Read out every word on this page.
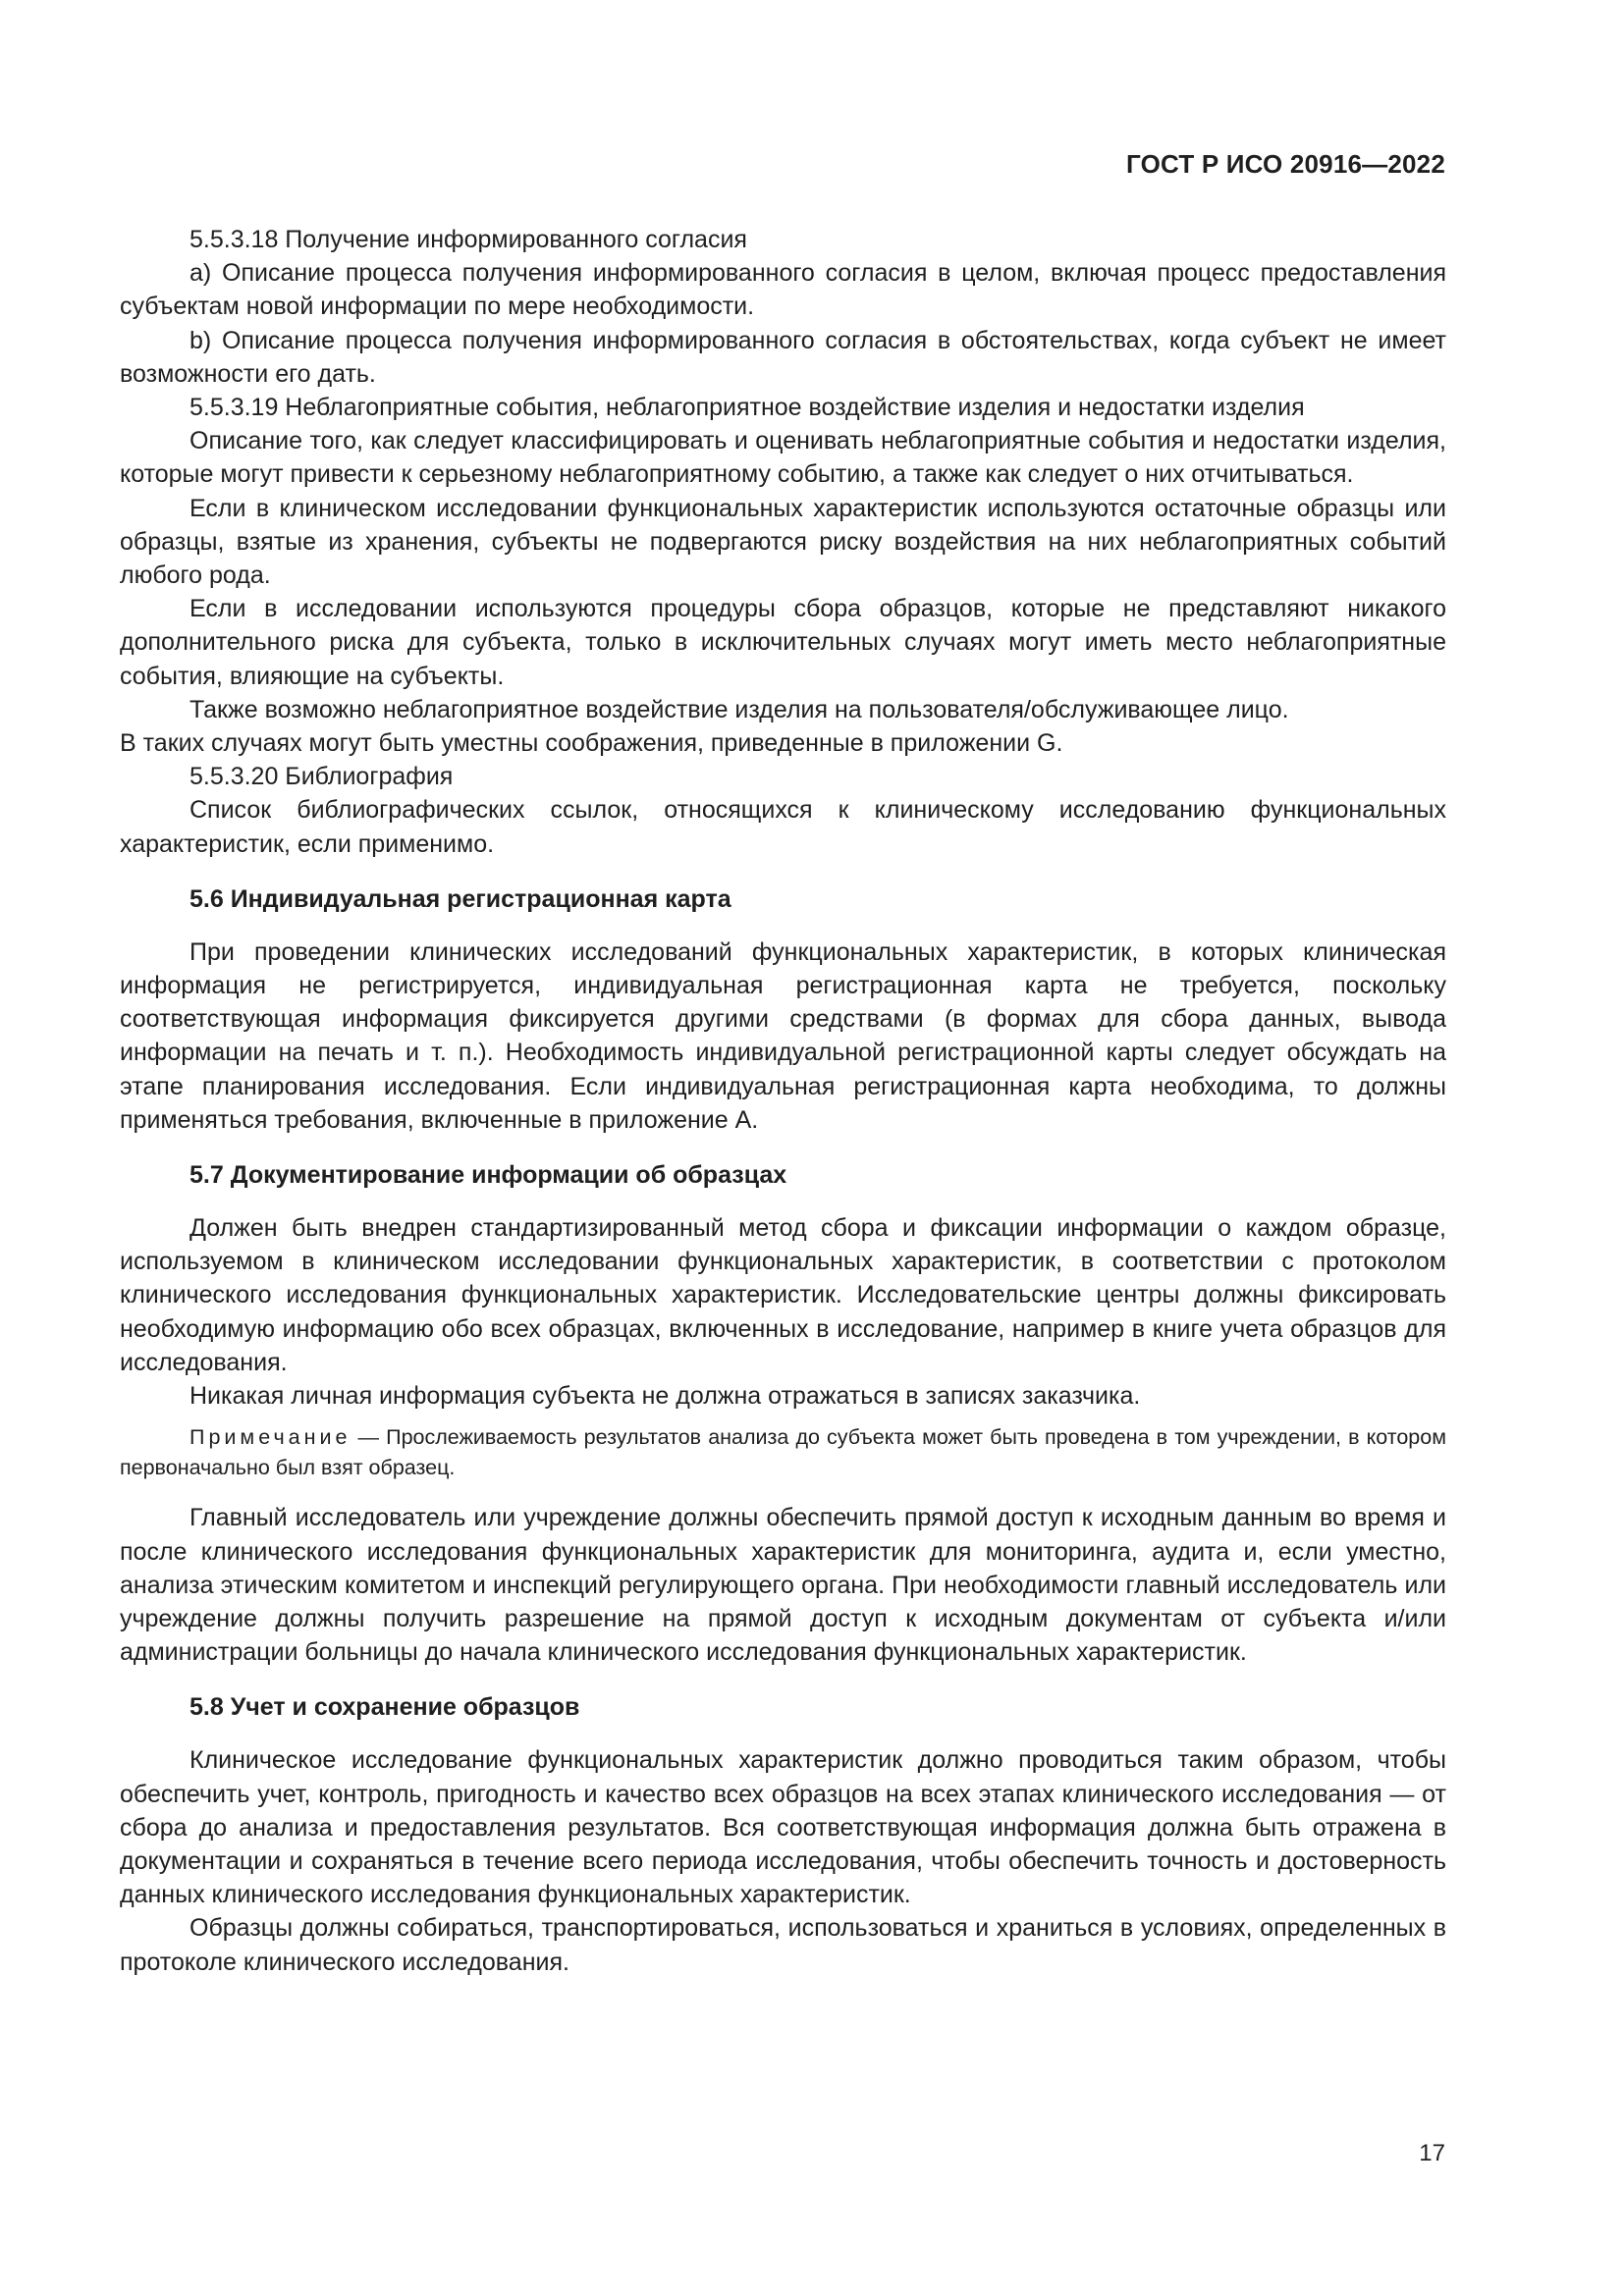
ГОСТ Р ИСО 20916—2022

5.5.3.18 Получение информированного согласия

a) Описание процесса получения информированного согласия в целом, включая процесс предоставления субъектам новой информации по мере необходимости.

b) Описание процесса получения информированного согласия в обстоятельствах, когда субъект не имеет возможности его дать.

5.5.3.19 Неблагоприятные события, неблагоприятное воздействие изделия и недостатки изделия

Описание того, как следует классифицировать и оценивать неблагоприятные события и недостатки изделия, которые могут привести к серьезному неблагоприятному событию, а также как следует о них отчитываться.

Если в клиническом исследовании функциональных характеристик используются остаточные образцы или образцы, взятые из хранения, субъекты не подвергаются риску воздействия на них неблагоприятных событий любого рода.

Если в исследовании используются процедуры сбора образцов, которые не представляют никакого дополнительного риска для субъекта, только в исключительных случаях могут иметь место неблагоприятные события, влияющие на субъекты.

Также возможно неблагоприятное воздействие изделия на пользователя/обслуживающее лицо.

В таких случаях могут быть уместны соображения, приведенные в приложении G.

5.5.3.20 Библиография

Список библиографических ссылок, относящихся к клиническому исследованию функциональных характеристик, если применимо.

5.6 Индивидуальная регистрационная карта

При проведении клинических исследований функциональных характеристик, в которых клиническая информация не регистрируется, индивидуальная регистрационная карта не требуется, поскольку соответствующая информация фиксируется другими средствами (в формах для сбора данных, вывода информации на печать и т. п.). Необходимость индивидуальной регистрационной карты следует обсуждать на этапе планирования исследования. Если индивидуальная регистрационная карта необходима, то должны применяться требования, включенные в приложение А.

5.7 Документирование информации об образцах

Должен быть внедрен стандартизированный метод сбора и фиксации информации о каждом образце, используемом в клиническом исследовании функциональных характеристик, в соответствии с протоколом клинического исследования функциональных характеристик. Исследовательские центры должны фиксировать необходимую информацию обо всех образцах, включенных в исследование, например в книге учета образцов для исследования.

Никакая личная информация субъекта не должна отражаться в записях заказчика.

Примечание — Прослеживаемость результатов анализа до субъекта может быть проведена в том учреждении, в котором первоначально был взят образец.

Главный исследователь или учреждение должны обеспечить прямой доступ к исходным данным во время и после клинического исследования функциональных характеристик для мониторинга, аудита и, если уместно, анализа этическим комитетом и инспекций регулирующего органа. При необходимости главный исследователь или учреждение должны получить разрешение на прямой доступ к исходным документам от субъекта и/или администрации больницы до начала клинического исследования функциональных характеристик.

5.8 Учет и сохранение образцов

Клиническое исследование функциональных характеристик должно проводиться таким образом, чтобы обеспечить учет, контроль, пригодность и качество всех образцов на всех этапах клинического исследования — от сбора до анализа и предоставления результатов. Вся соответствующая информация должна быть отражена в документации и сохраняться в течение всего периода исследования, чтобы обеспечить точность и достоверность данных клинического исследования функциональных характеристик.

Образцы должны собираться, транспортироваться, использоваться и храниться в условиях, определенных в протоколе клинического исследования.

17
